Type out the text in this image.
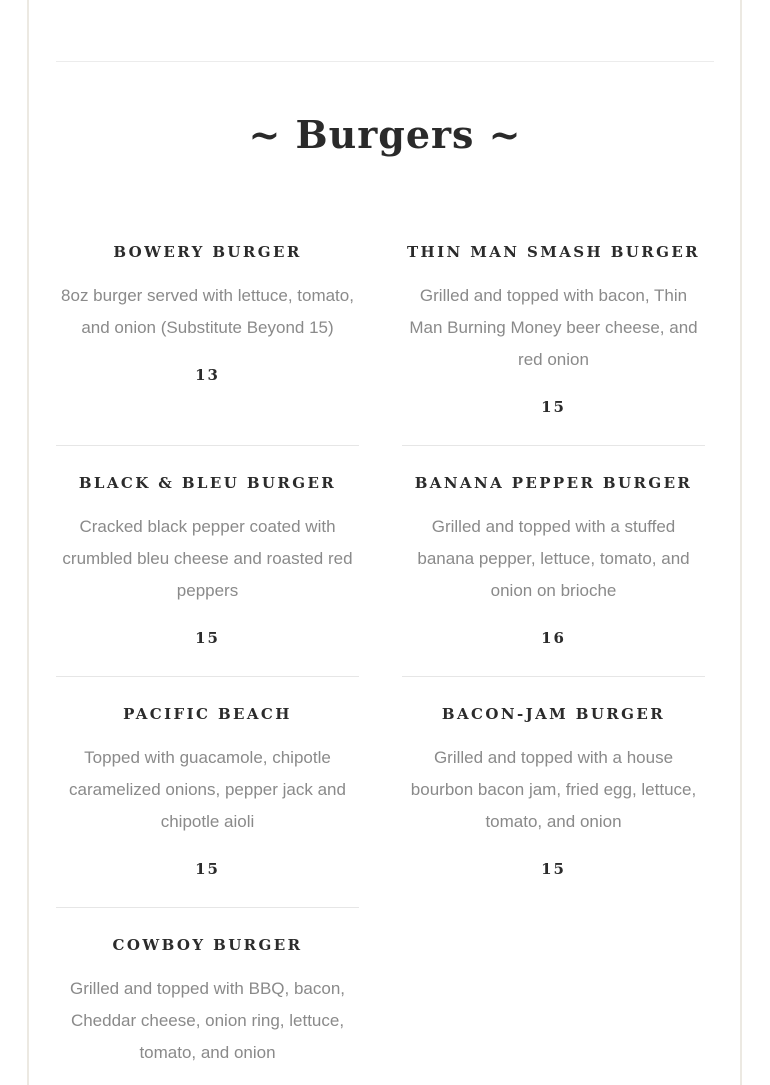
~ Burgers ~
BOWERY BURGER
8oz burger served with lettuce, tomato, and onion (Substitute Beyond 15)
13
THIN MAN SMASH BURGER
Grilled and topped with bacon, Thin Man Burning Money beer cheese, and red onion
15
BLACK & BLEU BURGER
Cracked black pepper coated with crumbled bleu cheese and roasted red peppers
15
BANANA PEPPER BURGER
Grilled and topped with a stuffed banana pepper, lettuce, tomato, and onion on brioche
16
PACIFIC BEACH
Topped with guacamole, chipotle caramelized onions, pepper jack and chipotle aioli
15
BACON-JAM BURGER
Grilled and topped with a house bourbon bacon jam, fried egg, lettuce, tomato, and onion
15
COWBOY BURGER
Grilled and topped with BBQ, bacon, Cheddar cheese, onion ring, lettuce, tomato, and onion
